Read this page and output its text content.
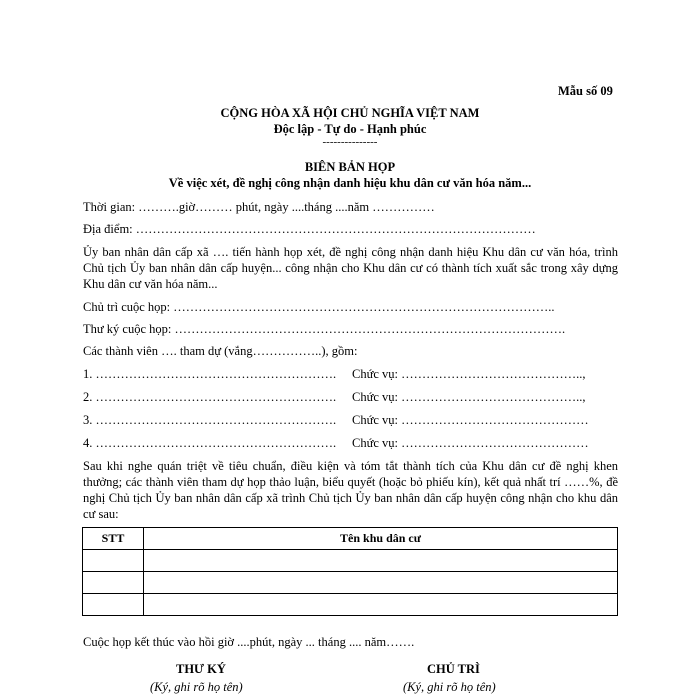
Mẫu số 09
CỘNG HÒA XÃ HỘI CHỦ NGHĨA VIỆT NAM
Độc lập - Tự do - Hạnh phúc
---------------
BIÊN BẢN HỌP
Về việc xét, đề nghị công nhận danh hiệu khu dân cư văn hóa năm...
Thời gian: ……….giờ……… phút, ngày ....tháng ....năm ……………
Địa điểm: ……………………………………………………………………………………
Ủy ban nhân dân cấp xã …. tiến hành họp xét, đề nghị công nhận danh hiệu Khu dân cư văn hóa, trình Chủ tịch Ủy ban nhân dân cấp huyện... công nhận cho Khu dân cư có thành tích xuất sắc trong xây dựng Khu dân cư văn hóa năm...
Chủ trì cuộc họp: ………………………………………………………………………………..
Thư ký cuộc họp: ………………………………………………………………………………….
Các thành viên …. tham dự (vắng……………..), gồm:
1. …………………………………………………. Chức vụ: ……………………………………..,
2. …………………………………………………. Chức vụ: ……………………………………..,
3. …………………………………………………. Chức vụ: ………………………………………
4. …………………………………………………. Chức vụ: ………………………………………
Sau khi nghe quán triệt về tiêu chuẩn, điều kiện và tóm tắt thành tích của Khu dân cư đề nghị khen thưởng; các thành viên tham dự họp thảo luận, biểu quyết (hoặc bỏ phiếu kín), kết quả nhất trí ……%, đề nghị Chủ tịch Ủy ban nhân dân cấp xã trình Chủ tịch Ủy ban nhân dân cấp huyện công nhận cho khu dân cư sau:
STT	Tên khu dân cư

Cuộc họp kết thúc vào hồi giờ ....phút, ngày ... tháng .... năm…….
THƯ KÝ
(Ký, ghi rõ họ tên)
CHỦ TRÌ
(Ký, ghi rõ họ tên)
